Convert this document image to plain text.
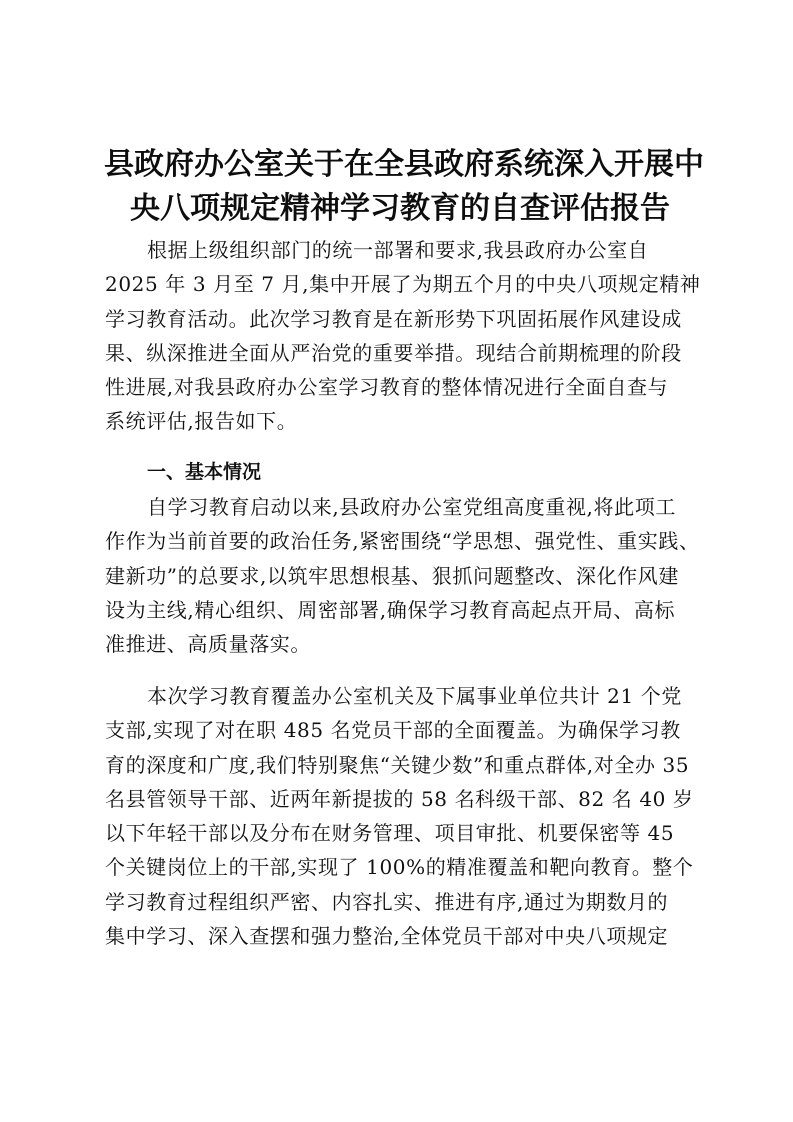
县政府办公室关于在全县政府系统深入开展中
央八项规定精神学习教育的自查评估报告

根据上级组织部门的统一部署和要求,我县政府办公室自
2025 年 3 月至 7 月,集中开展了为期五个月的中央八项规定精神
学习教育活动。此次学习教育是在新形势下巩固拓展作风建设成
果、纵深推进全面从严治党的重要举措。现结合前期梳理的阶段
性进展,对我县政府办公室学习教育的整体情况进行全面自查与
系统评估,报告如下。

一、基本情况

自学习教育启动以来,县政府办公室党组高度重视,将此项工
作作为当前首要的政治任务,紧密围绕“学思想、强党性、重实践、
建新功”的总要求,以筑牢思想根基、狠抓问题整改、深化作风建
设为主线,精心组织、周密部署,确保学习教育高起点开局、高标
准推进、高质量落实。

本次学习教育覆盖办公室机关及下属事业单位共计 21 个党
支部,实现了对在职 485 名党员干部的全面覆盖。为确保学习教
育的深度和广度,我们特别聚焦“关键少数”和重点群体,对全办 35
名县管领导干部、近两年新提拔的 58 名科级干部、82 名 40 岁
以下年轻干部以及分布在财务管理、项目审批、机要保密等 45
个关键岗位上的干部,实现了 100%的精准覆盖和靶向教育。整个
学习教育过程组织严密、内容扎实、推进有序,通过为期数月的
集中学习、深入查摆和强力整治,全体党员干部对中央八项规定
